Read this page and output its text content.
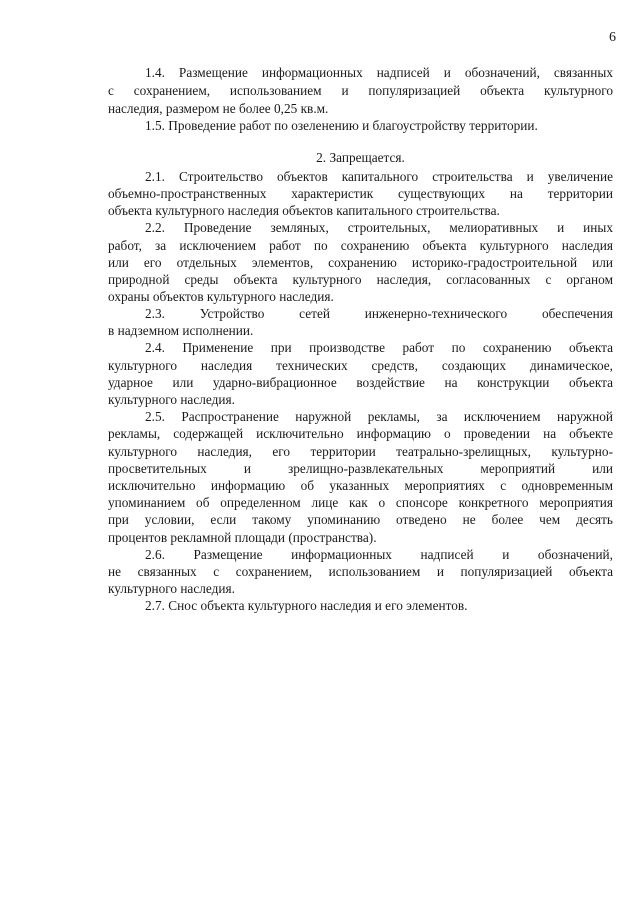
6
1.4. Размещение информационных надписей и обозначений, связанных
с сохранением, использованием и популяризацией объекта культурного
наследия, размером не более 0,25 кв.м.
1.5. Проведение работ по озеленению и благоустройству территории.
2. Запрещается.
2.1. Строительство объектов капитального строительства и увеличение
объемно-пространственных характеристик существующих на территории
объекта культурного наследия объектов капитального строительства.
2.2. Проведение земляных, строительных, мелиоративных и иных
работ, за исключением работ по сохранению объекта культурного наследия
или его отдельных элементов, сохранению историко-градостроительной или
природной среды объекта культурного наследия, согласованных с органом
охраны объектов культурного наследия.
2.3. Устройство сетей инженерно-технического обеспечения
в надземном исполнении.
2.4. Применение при производстве работ по сохранению объекта
культурного наследия технических средств, создающих динамическое,
ударное или ударно-вибрационное воздействие на конструкции объекта
культурного наследия.
2.5. Распространение наружной рекламы, за исключением наружной
рекламы, содержащей исключительно информацию о проведении на объекте
культурного наследия, его территории театрально-зрелищных, культурно-
просветительных и зрелищно-развлекательных мероприятий или
исключительно информацию об указанных мероприятиях с одновременным
упоминанием об определенном лице как о спонсоре конкретного мероприятия
при условии, если такому упоминанию отведено не более чем десять
процентов рекламной площади (пространства).
2.6. Размещение информационных надписей и обозначений,
не связанных с сохранением, использованием и популяризацией объекта
культурного наследия.
2.7. Снос объекта культурного наследия и его элементов.
